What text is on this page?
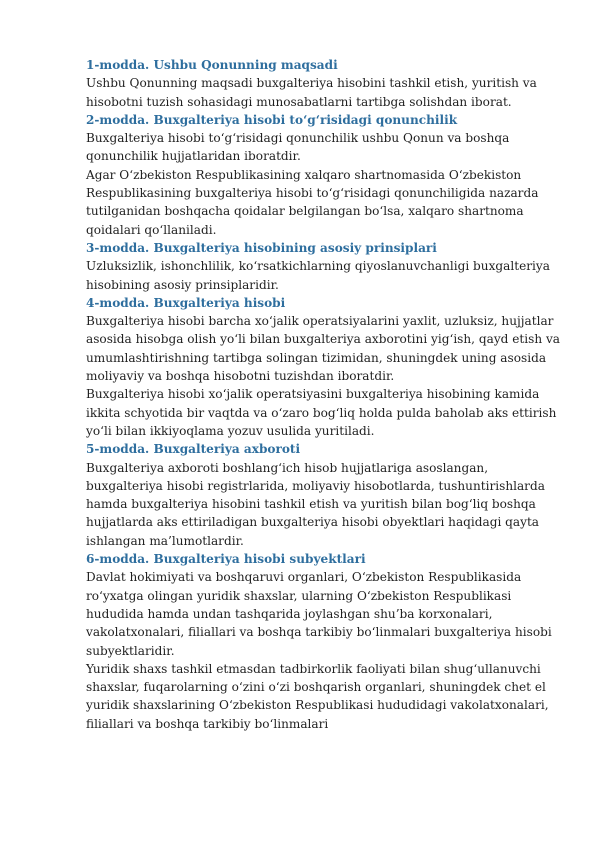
1-modda. Ushbu Qonunning maqsadi

Ushbu Qonunning maqsadi buxgalteriya hisobini tashkil etish, yuritish va hisobotni tuzish sohasidagi munosabatlarni tartibga solishdan iborat.

2-modda. Buxgalteriya hisobi to‘g‘risidagi qonunchilik

Buxgalteriya hisobi to‘g‘risidagi qonunchilik ushbu Qonun va boshqa qonunchilik hujjatlaridan iboratdir.

Agar O‘zbekiston Respublikasining xalqaro shartnomasida O‘zbekiston Respublikasining buxgalteriya hisobi to‘g‘risidagi qonunchiligida nazarda tutilganidan boshqacha qoidalar belgilangan bo‘lsa, xalqaro shartnoma qoidalari qo‘llaniladi.

3-modda. Buxgalteriya hisobining asosiy prinsiplari

Uzluksizlik, ishonchlilik, ko‘rsatkichlarning qiyoslanuvchanligi buxgalteriya hisobining asosiy prinsiplaridir.

4-modda. Buxgalteriya hisobi

Buxgalteriya hisobi barcha xo‘jalik operatsiyalarini yaxlit, uzluksiz, hujjatlar asosida hisobga olish yo‘li bilan buxgalteriya axborotini yig‘ish, qayd etish va umumlashtirishning tartibga solingan tizimidan, shuningdek uning asosida moliyaviy va boshqa hisobotni tuzishdan iboratdir.

Buxgalteriya hisobi xo‘jalik operatsiyasini buxgalteriya hisobining kamida ikkita schyotida bir vaqtda va o‘zaro bog‘liq holda pulda baholab aks ettirish yo‘li bilan ikkiyoqlama yozuv usulida yuritiladi.

5-modda. Buxgalteriya axboroti

Buxgalteriya axboroti boshlang‘ich hisob hujjatlariga asoslangan, buxgalteriya hisobi registrlarida, moliyaviy hisobotlarda, tushuntirishlarda hamda buxgalteriya hisobini tashkil etish va yuritish bilan bog‘liq boshqa hujjatlarda aks ettiriladigan buxgalteriya hisobi obyektlari haqidagi qayta ishlangan ma’lumotlardir.

6-modda. Buxgalteriya hisobi subyektlari

Davlat hokimiyati va boshqaruvi organlari, O‘zbekiston Respublikasida ro‘yxatga olingan yuridik shaxslar, ularning O‘zbekiston Respublikasi hududida hamda undan tashqarida joylashgan shu’ba korxonalari, vakolatxonalari, filiallari va boshqa tarkibiy bo‘linmalari buxgalteriya hisobi subyektlaridir.

Yuridik shaxs tashkil etmasdan tadbirkorlik faoliyati bilan shug‘ullanuvchi shaxslar, fuqarolarning o‘zini o‘zi boshqarish organlari, shuningdek chet el yuridik shaxslarining O‘zbekiston Respublikasi hududidagi vakolatxonalari, filiallari va boshqa tarkibiy bo‘linmalari
